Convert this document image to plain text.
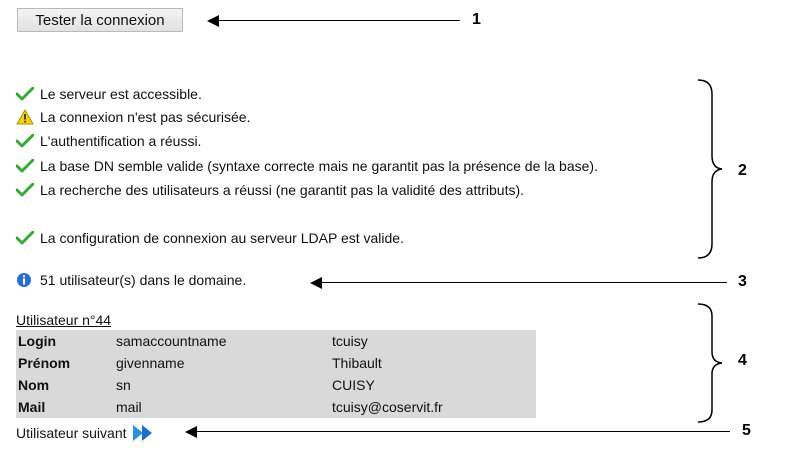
Tester la connexion	1
Le serveur est accessible.
La connexion n'est pas sécurisée.
L'authentification a réussi.
La base DN semble valide (syntaxe correcte mais ne garantit pas la présence de la base).
La recherche des utilisateurs a réussi (ne garantit pas la validité des attributs).
La configuration de connexion au serveur LDAP est valide.
2
51 utilisateur(s) dans le domaine.	3
Utilisateur n°44
Login	samaccountname	tcuisy
Prénom	givenname	Thibault
Nom	sn	CUISY
Mail	mail	tcuisy@coservit.fr
4
Utilisateur suivant	5
